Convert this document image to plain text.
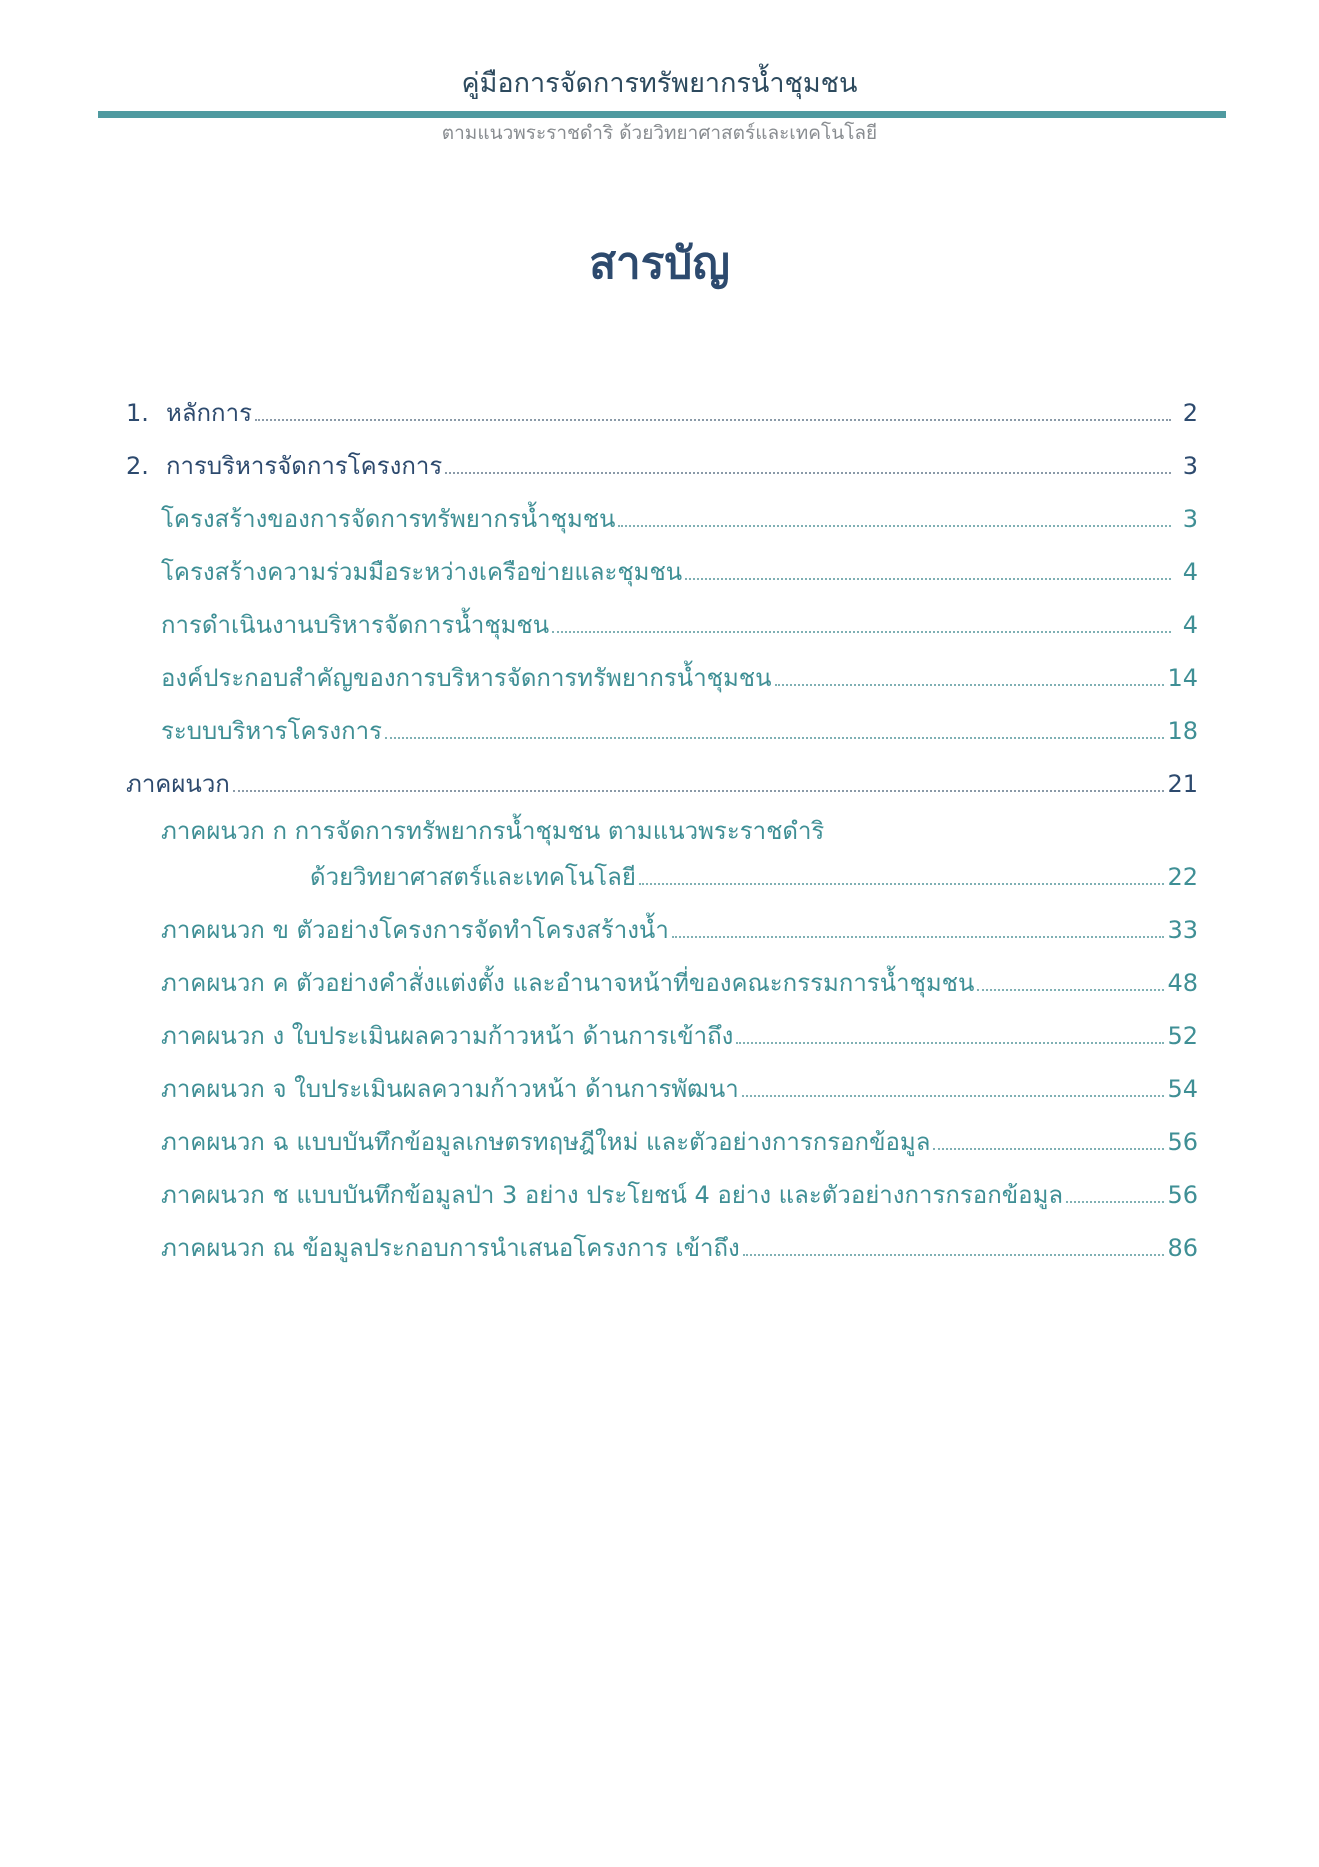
คู่มือการจัดการทรัพยากรน้ำชุมชน
ตามแนวพระราชดำริ ด้วยวิทยาศาสตร์และเทคโนโลยี
สารบัญ
1. หลักการ	2
2. การบริหารจัดการโครงการ	3
โครงสร้างของการจัดการทรัพยากรน้ำชุมชน	3
โครงสร้างความร่วมมือระหว่างเครือข่ายและชุมชน	4
การดำเนินงานบริหารจัดการน้ำชุมชน	4
องค์ประกอบสำคัญของการบริหารจัดการทรัพยากรน้ำชุมชน	14
ระบบบริหารโครงการ	18
ภาคผนวก	21
ภาคผนวก ก การจัดการทรัพยากรน้ำชุมชน ตามแนวพระราชดำริ
ด้วยวิทยาศาสตร์และเทคโนโลยี	22
ภาคผนวก ข ตัวอย่างโครงการจัดทำโครงสร้างน้ำ	33
ภาคผนวก ค ตัวอย่างคำสั่งแต่งตั้ง และอำนาจหน้าที่ของคณะกรรมการน้ำชุมชน	48
ภาคผนวก ง ใบประเมินผลความก้าวหน้า ด้านการเข้าถึง	52
ภาคผนวก จ ใบประเมินผลความก้าวหน้า ด้านการพัฒนา	54
ภาคผนวก ฉ แบบบันทึกข้อมูลเกษตรทฤษฎีใหม่ และตัวอย่างการกรอกข้อมูล	56
ภาคผนวก ช แบบบันทึกข้อมูลป่า 3 อย่าง ประโยชน์ 4 อย่าง และตัวอย่างการกรอกข้อมูล	56
ภาคผนวก ณ ข้อมูลประกอบการนำเสนอโครงการ เข้าถึง	86
